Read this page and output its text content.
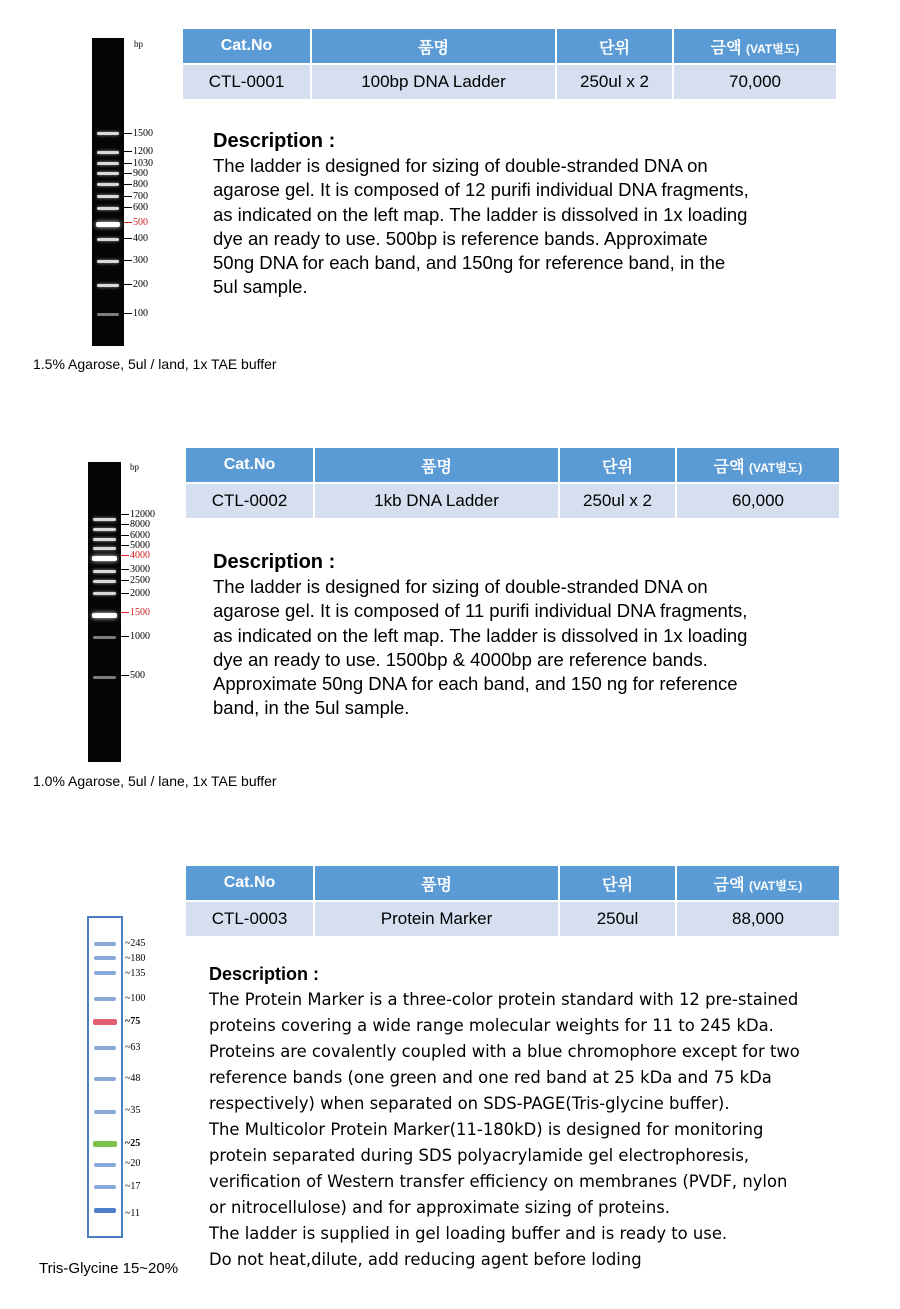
bp
1500
1200
1030
900
800
700
600
500
400
300
200
100
1.5% Agarose, 5ul / land, 1x TAE buffer
Cat.No	품명	단위	금액 (VAT별도)
CTL-0001	100bp DNA Ladder	250ul x 2	70,000
Description :

The ladder is designed for sizing of double-stranded DNA on

agarose gel. It is composed of 12 purifi individual DNA fragments,

as indicated on the left map. The ladder is dissolved in 1x loading

dye an ready to use. 500bp is reference bands. Approximate

50ng DNA for each band, and 150ng for reference band, in the

5ul sample.

bp
12000
8000
6000
5000
4000
3000
2500
2000
1500
1000
500
1.0% Agarose, 5ul / lane, 1x TAE buffer
Cat.No	품명	단위	금액 (VAT별도)
CTL-0002	1kb DNA Ladder	250ul x 2	60,000
Description :

The ladder is designed for sizing of double-stranded DNA on

agarose gel. It is composed of 11 purifi individual DNA fragments,

as indicated on the left map. The ladder is dissolved in 1x loading

dye an ready to use. 1500bp & 4000bp are reference bands.

Approximate 50ng DNA for each band, and 150 ng for reference

band, in the 5ul sample.

~245
~180
~135
~100
~75
~63
~48
~35
~25
~20
~17
~11
Tris-Glycine 15~20%
Cat.No	품명	단위	금액 (VAT별도)
CTL-0003	Protein Marker	250ul	88,000
Description :

The Protein Marker is a three-color protein standard with 12 pre-stained

proteins covering a wide range molecular weights for 11 to 245 kDa.

Proteins are covalently coupled with a blue chromophore except for two

reference bands (one green and one red band at 25 kDa and 75 kDa

respectively) when separated on SDS-PAGE(Tris-glycine buffer).

The Multicolor Protein Marker(11-180kD) is designed for monitoring

protein separated during SDS polyacrylamide gel electrophoresis,

verification of Western transfer efficiency on membranes (PVDF, nylon

or nitrocellulose) and for approximate sizing of proteins.

The ladder is supplied in gel loading buffer and is ready to use.

Do not heat,dilute, add reducing agent before loding
